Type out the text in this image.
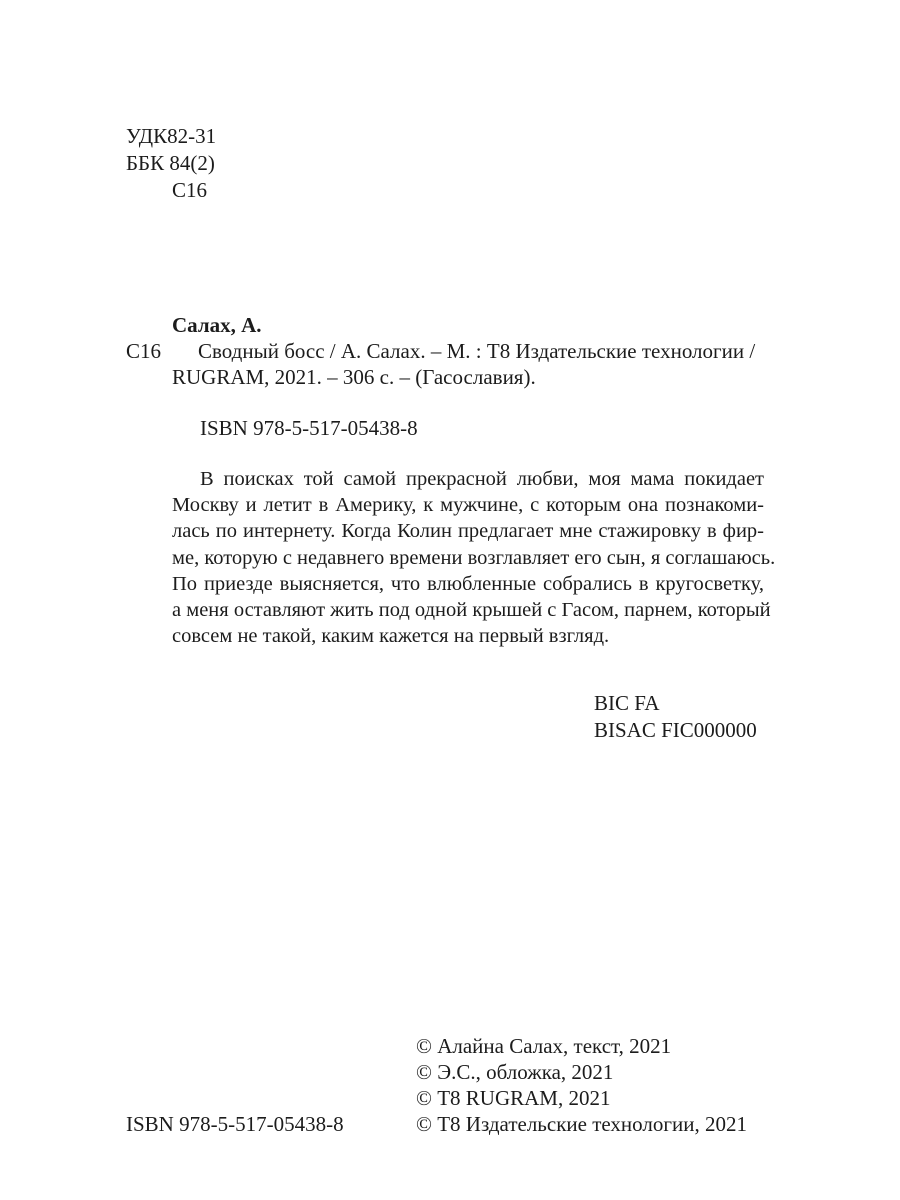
УДК82-31
ББК 84(2)
С16
Салах, А.
С16 Сводный босс / А. Салах. – М. : Т8 Издательские технологии /
RUGRAM, 2021. – 306 с. – (Гасославия).
ISBN 978-5-517-05438-8
В поисках той самой прекрасной любви, моя мама покидает
Москву и летит в Америку, к мужчине, с которым она познакоми-
лась по интернету. Когда Колин предлагает мне стажировку в фир-
ме, которую с недавнего времени возглавляет его сын, я соглашаюсь.
По приезде выясняется, что влюбленные собрались в кругосветку,
а меня оставляют жить под одной крышей с Гасом, парнем, который
совсем не такой, каким кажется на первый взгляд.
BIC FA
BISAC FIC000000
© Алайна Салах, текст, 2021
© Э.С., обложка, 2021
© Т8 RUGRAM, 2021
© Т8 Издательские технологии, 2021
ISBN 978-5-517-05438-8
